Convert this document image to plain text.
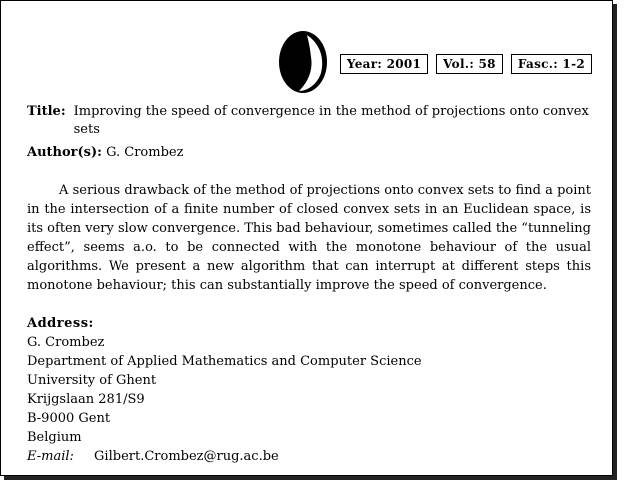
Year: 2001	Vol.: 58	Fasc.: 1-2
Title: Improving the speed of convergence in the method of projections onto convex sets
Author(s): G. Crombez

A serious drawback of the method of projections onto convex sets to find a point in the intersection of a finite number of closed convex sets in an Euclidean space, is its often very slow convergence. This bad behaviour, sometimes called the “tunneling effect”, seems a.o. to be connected with the monotone behaviour of the usual algorithms. We present a new algorithm that can interrupt at different steps this monotone behaviour; this can substantially improve the speed of convergence.

Address:
G. Crombez
Department of Applied Mathematics and Computer Science
University of Ghent
Krijgslaan 281/S9
B-9000 Gent
Belgium
E-mail: Gilbert.Crombez@rug.ac.be
